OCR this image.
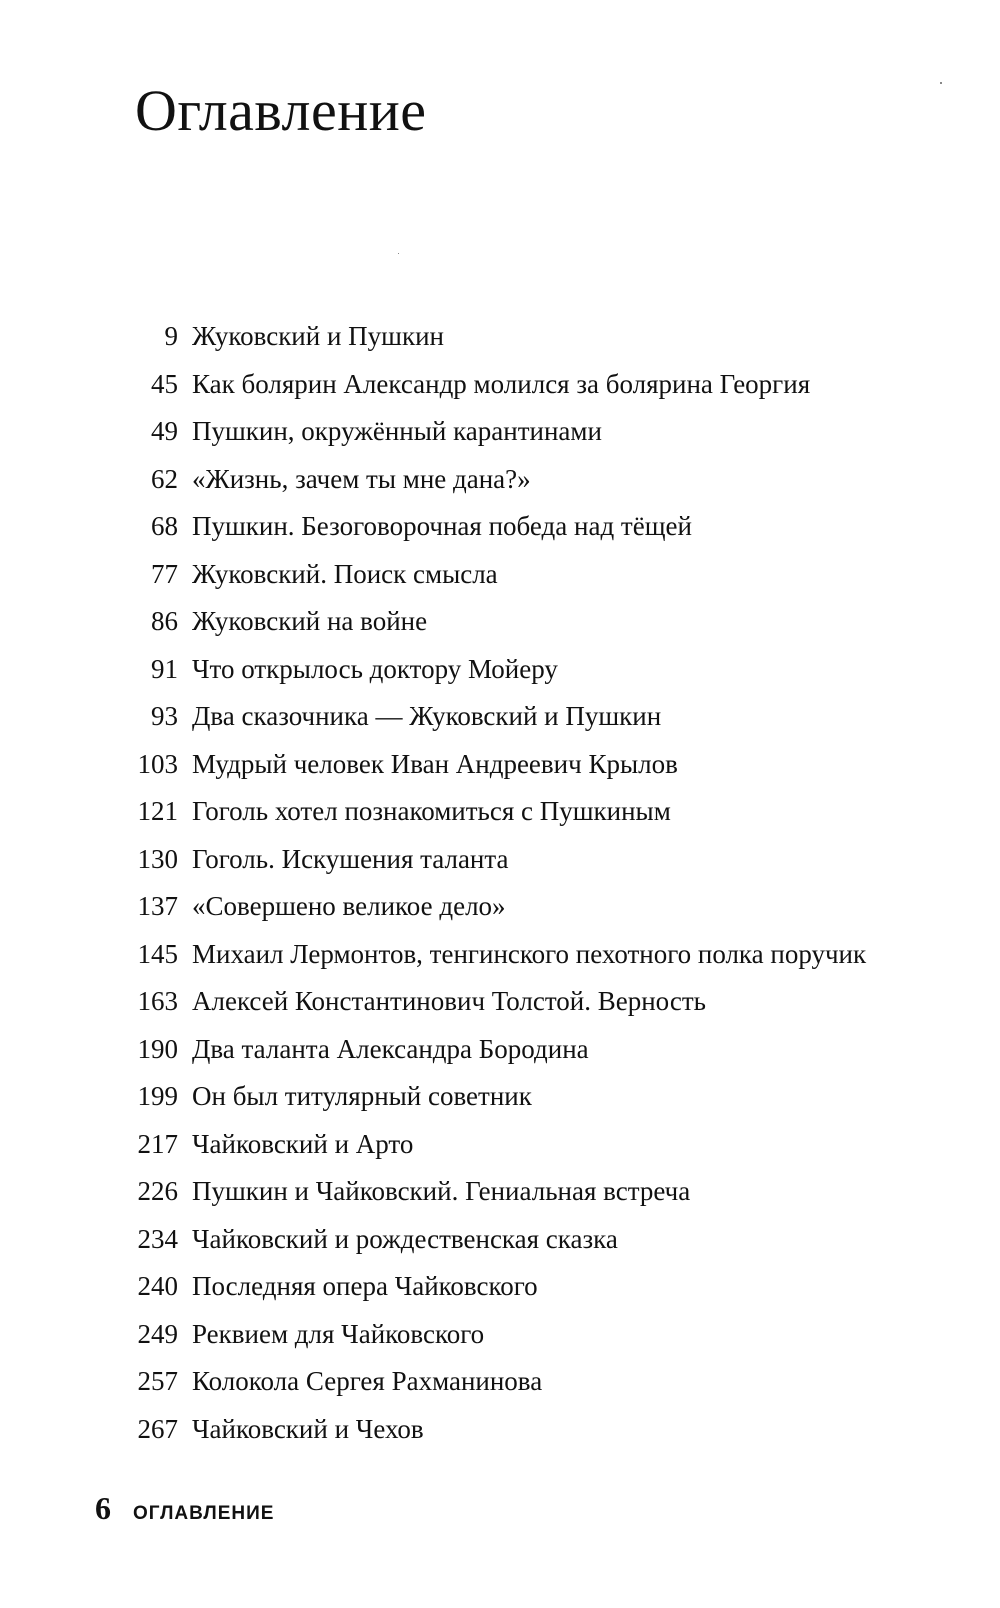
Оглавление
9 Жуковский и Пушкин
45 Как болярин Александр молился за болярина Георгия
49 Пушкин, окружённый карантинами
62 «Жизнь, зачем ты мне дана?»
68 Пушкин. Безоговорочная победа над тёщей
77 Жуковский. Поиск смысла
86 Жуковский на войне
91 Что открылось доктору Мойеру
93 Два сказочника — Жуковский и Пушкин
103 Мудрый человек Иван Андреевич Крылов
121 Гоголь хотел познакомиться с Пушкиным
130 Гоголь. Искушения таланта
137 «Совершено великое дело»
145 Михаил Лермонтов, тенгинского пехотного полка поручик
163 Алексей Константинович Толстой. Верность
190 Два таланта Александра Бородина
199 Он был титулярный советник
217 Чайковский и Арто
226 Пушкин и Чайковский. Гениальная встреча
234 Чайковский и рождественская сказка
240 Последняя опера Чайковского
249 Реквием для Чайковского
257 Колокола Сергея Рахманинова
267 Чайковский и Чехов
6 ОГЛАВЛЕНИЕ
